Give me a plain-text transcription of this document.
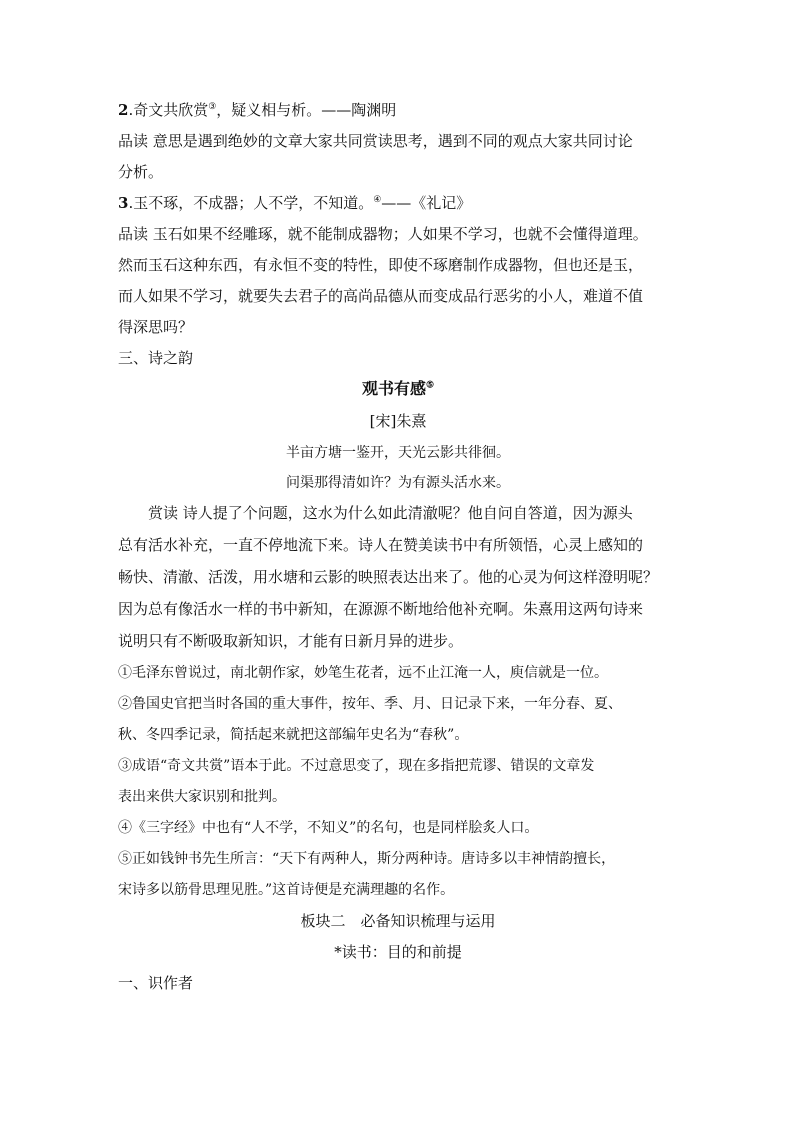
2.奇文共欣赏③，疑义相与析。——陶渊明

品读 意思是遇到绝妙的文章大家共同赏读思考，遇到不同的观点大家共同讨论

分析。

3.玉不琢，不成器；人不学，不知道。④——《礼记》

品读 玉石如果不经雕琢，就不能制成器物；人如果不学习，也就不会懂得道理。

然而玉石这种东西，有永恒不变的特性，即使不琢磨制作成器物，但也还是玉，

而人如果不学习，就要失去君子的高尚品德从而变成品行恶劣的小人，难道不值

得深思吗？

三、诗之韵

观书有感⑤

[宋]朱熹

半亩方塘一鉴开，天光云影共徘徊。

问渠那得清如许？为有源头活水来。

赏读 诗人提了个问题，这水为什么如此清澈呢？他自问自答道，因为源头

总有活水补充，一直不停地流下来。诗人在赞美读书中有所领悟，心灵上感知的

畅快、清澈、活泼，用水塘和云影的映照表达出来了。他的心灵为何这样澄明呢？

因为总有像活水一样的书中新知，在源源不断地给他补充啊。朱熹用这两句诗来

说明只有不断吸取新知识，才能有日新月异的进步。

①毛泽东曾说过，南北朝作家，妙笔生花者，远不止江淹一人，庾信就是一位。

②鲁国史官把当时各国的重大事件，按年、季、月、日记录下来，一年分春、夏、

秋、冬四季记录，简括起来就把这部编年史名为“春秋”。

③成语“奇文共赏”语本于此。不过意思变了，现在多指把荒谬、错误的文章发

表出来供大家识别和批判。

④《三字经》中也有“人不学，不知义”的名句，也是同样脍炙人口。

⑤正如钱钟书先生所言：“天下有两种人，斯分两种诗。唐诗多以丰神情韵擅长，

宋诗多以筋骨思理见胜。”这首诗便是充满理趣的名作。

板块二　必备知识梳理与运用

*读书：目的和前提

一、识作者
